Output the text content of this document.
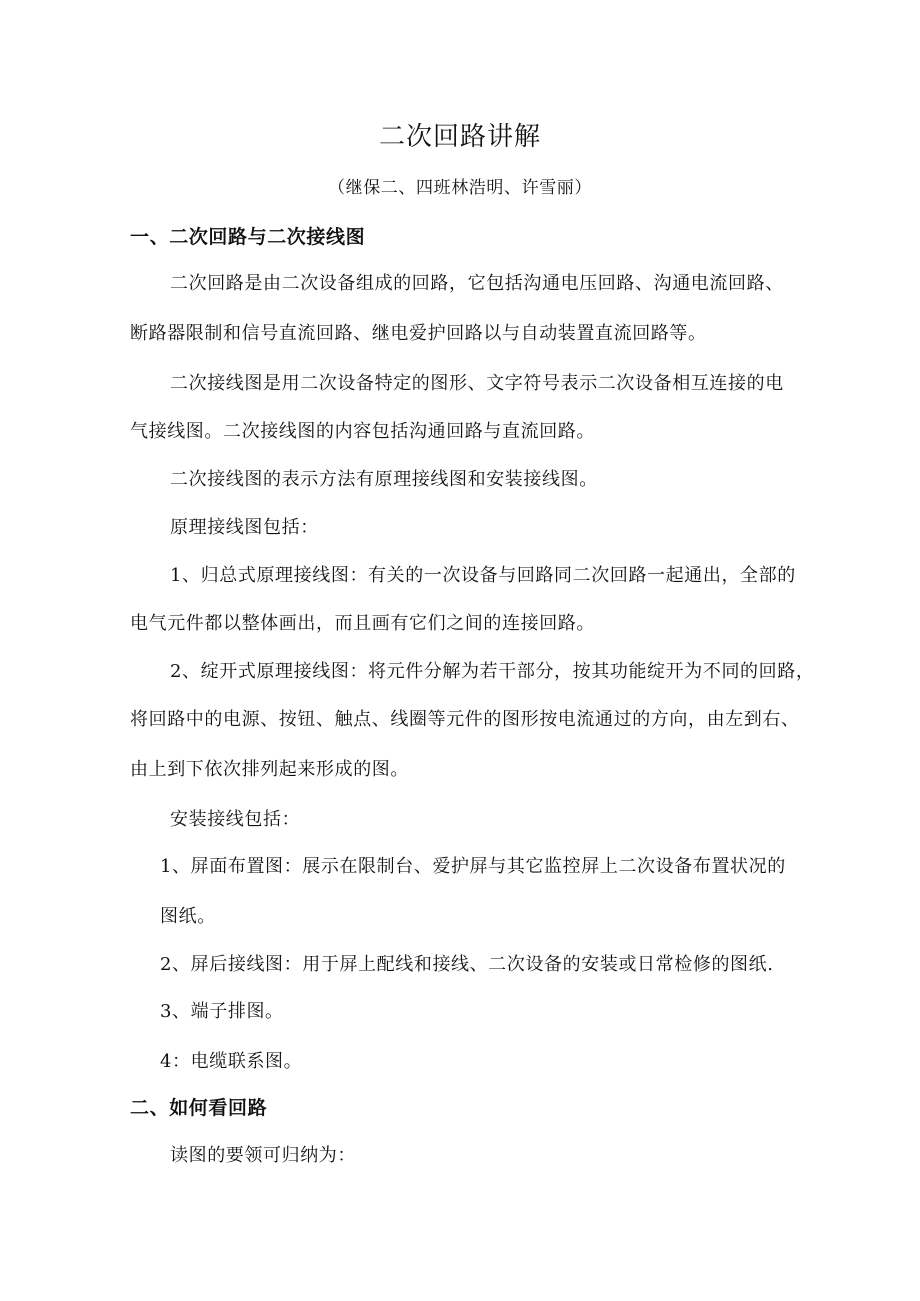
二次回路讲解
（继保二、四班林浩明、许雪丽）
一、二次回路与二次接线图
二次回路是由二次设备组成的回路，它包括沟通电压回路、沟通电流回路、
断路器限制和信号直流回路、继电爱护回路以与自动装置直流回路等。
二次接线图是用二次设备特定的图形、文字符号表示二次设备相互连接的电
气接线图。二次接线图的内容包括沟通回路与直流回路。
二次接线图的表示方法有原理接线图和安装接线图。
原理接线图包括：
1、归总式原理接线图：有关的一次设备与回路同二次回路一起通出，全部的
电气元件都以整体画出，而且画有它们之间的连接回路。
2、绽开式原理接线图：将元件分解为若干部分，按其功能绽开为不同的回路，
将回路中的电源、按钮、触点、线圈等元件的图形按电流通过的方向，由左到右、
由上到下依次排列起来形成的图。
安装接线包括：
1、屏面布置图：展示在限制台、爱护屏与其它监控屏上二次设备布置状况的
图纸。
2、屏后接线图：用于屏上配线和接线、二次设备的安装或日常检修的图纸.
3、端子排图。
4：电缆联系图。
二、如何看回路
读图的要领可归纳为：
